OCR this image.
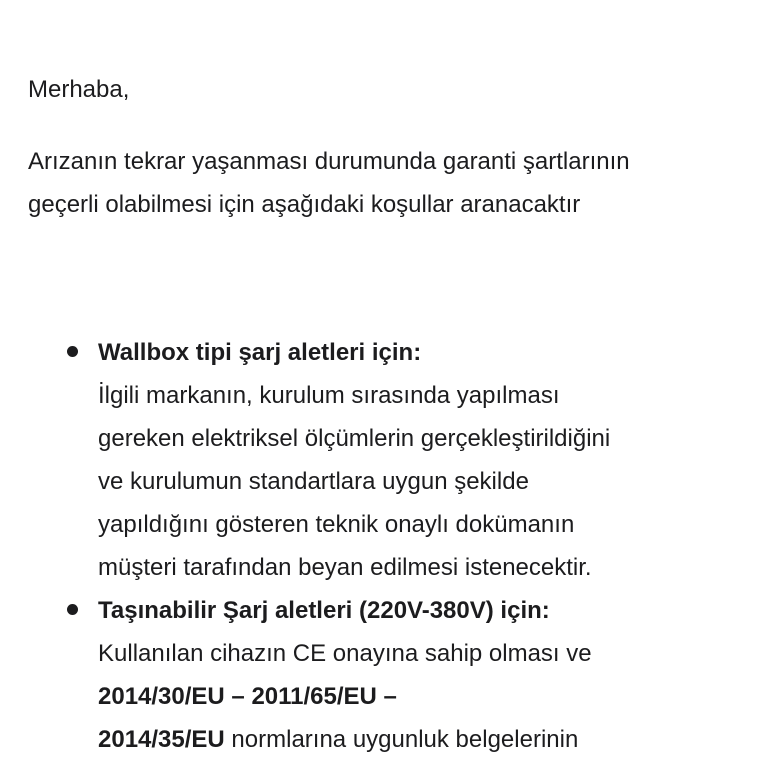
Merhaba,

Arızanın tekrar yaşanması durumunda garanti şartlarının
geçerli olabilmesi için aşağıdaki koşullar aranacaktır

Wallbox tipi şarj aletleri için:
İlgili markanın, kurulum sırasında yapılması
gereken elektriksel ölçümlerin gerçekleştirildiğini
ve kurulumun standartlara uygun şekilde
yapıldığını gösteren teknik onaylı dokümanın
müşteri tarafından beyan edilmesi istenecektir.
Taşınabilir Şarj aletleri (220V-380V) için:
Kullanılan cihazın CE onayına sahip olması ve
2014/30/EU – 2011/65/EU –
2014/35/EU normlarına uygunluk belgelerinin
